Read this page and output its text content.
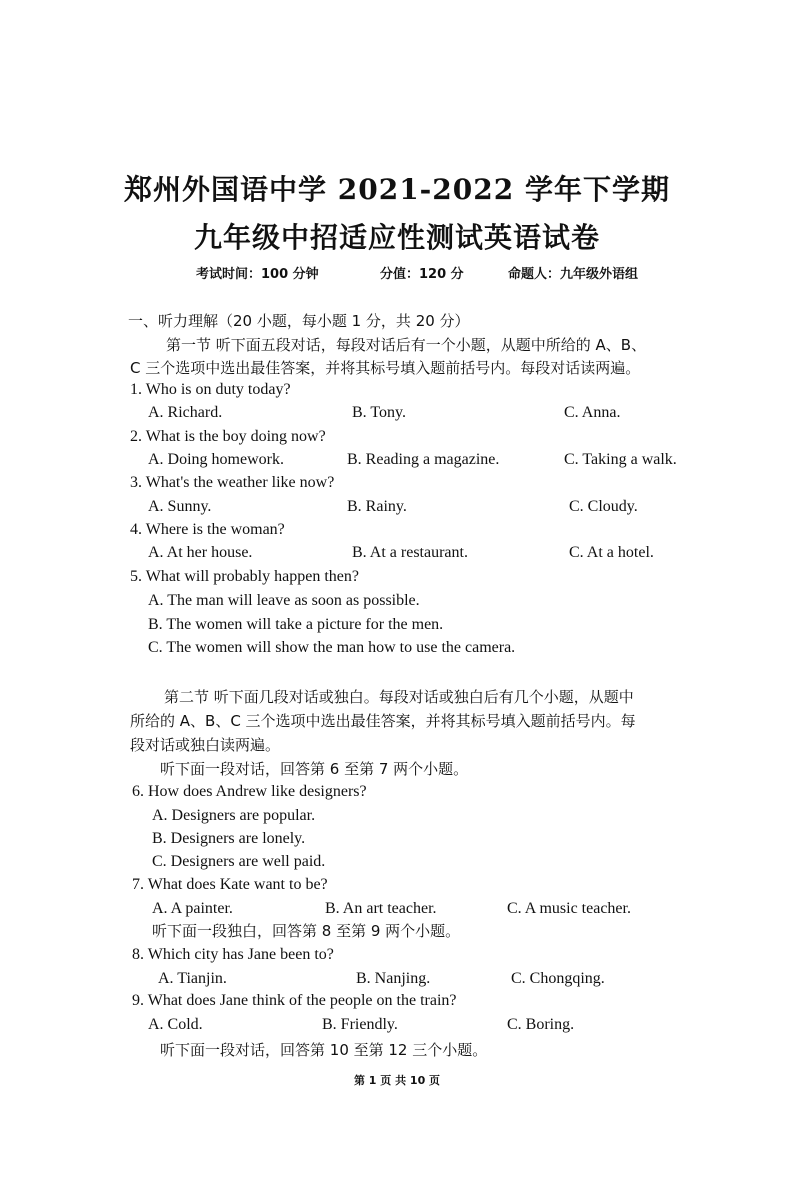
郑州外国语中学 2021-2022 学年下学期
九年级中招适应性测试英语试卷
考试时间：100 分钟	分值：120 分	命题人：九年级外语组
一、听力理解（20 小题，每小题 1 分，共 20 分）
第一节 听下面五段对话，每段对话后有一个小题，从题中所给的 A、B、
C 三个选项中选出最佳答案，并将其标号填入题前括号内。每段对话读两遍。
1. Who is on duty today?
A. Richard.	B. Tony.	C. Anna.
2. What is the boy doing now?
A. Doing homework.	B. Reading a magazine.	C. Taking a walk.
3. What's the weather like now?
A. Sunny.	B. Rainy.	C. Cloudy.
4. Where is the woman?
A. At her house.	B. At a restaurant.	C. At a hotel.
5. What will probably happen then?
A. The man will leave as soon as possible.
B. The women will take a picture for the men.
C. The women will show the man how to use the camera.
第二节 听下面几段对话或独白。每段对话或独白后有几个小题，从题中
所给的 A、B、C 三个选项中选出最佳答案，并将其标号填入题前括号内。每
段对话或独白读两遍。
听下面一段对话，回答第 6 至第 7 两个小题。
6. How does Andrew like designers?
A. Designers are popular.
B. Designers are lonely.
C. Designers are well paid.
7. What does Kate want to be?
A. A painter.	B. An art teacher.	C. A music teacher.
听下面一段独白，回答第 8 至第 9 两个小题。
8. Which city has Jane been to?
A. Tianjin.	B. Nanjing.	C. Chongqing.
9. What does Jane think of the people on the train?
A. Cold.	B. Friendly.	C. Boring.
听下面一段对话，回答第 10 至第 12 三个小题。
第 1 页 共 10 页
